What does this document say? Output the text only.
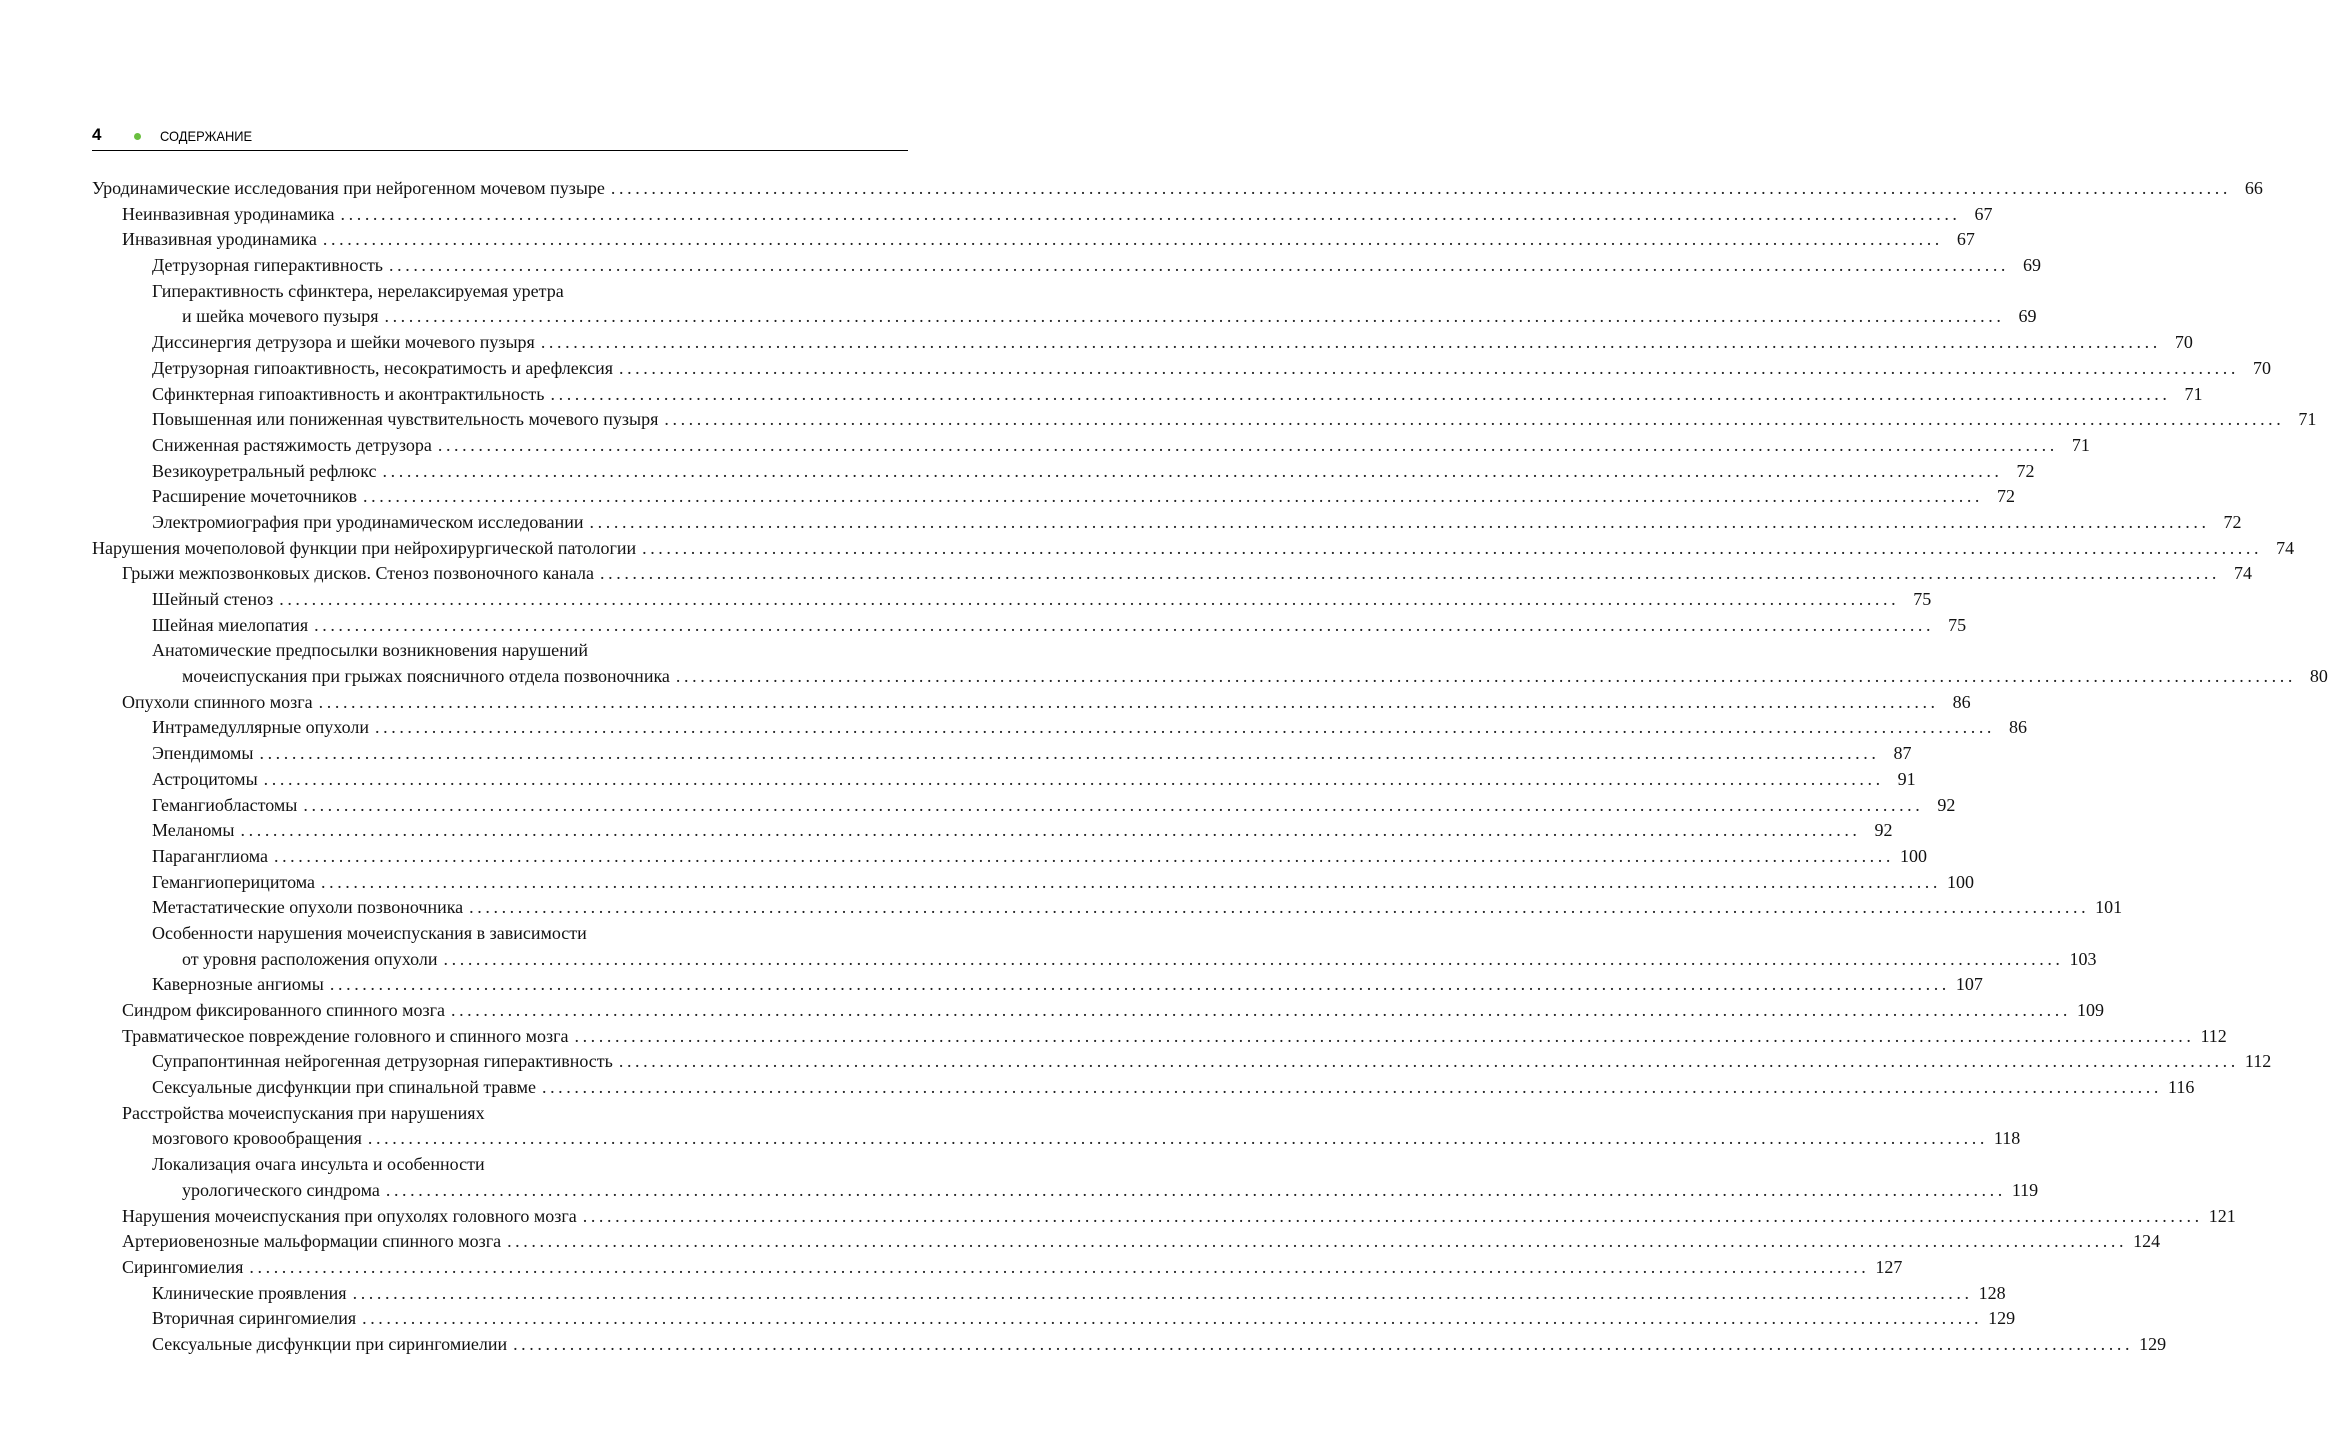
4	СОДЕРЖАНИЕ
Уродинамические исследования при нейрогенном мочевом пузыре ........................................................................................................................................................................................................ 66
Неинвазивная уродинамика ........................................................................................................................................................................................................ 67
Инвазивная уродинамика ........................................................................................................................................................................................................ 67
Детрузорная гиперактивность ........................................................................................................................................................................................................ 69
Гиперактивность сфинктера, нерелаксируемая уретра
и шейка мочевого пузыря ........................................................................................................................................................................................................ 69
Диссинергия детрузора и шейки мочевого пузыря ........................................................................................................................................................................................................ 70
Детрузорная гипоактивность, несократимость и арефлексия ........................................................................................................................................................................................................ 70
Сфинктерная гипоактивность и аконтрактильность ........................................................................................................................................................................................................ 71
Повышенная или пониженная чувствительность мочевого пузыря ........................................................................................................................................................................................................ 71
Сниженная растяжимость детрузора ........................................................................................................................................................................................................ 71
Везикоуретральный рефлюкс ........................................................................................................................................................................................................ 72
Расширение мочеточников ........................................................................................................................................................................................................ 72
Электромиография при уродинамическом исследовании ........................................................................................................................................................................................................ 72
Нарушения мочеполовой функции при нейрохирургической патологии ........................................................................................................................................................................................................ 74
Грыжи межпозвонковых дисков. Стеноз позвоночного канала ........................................................................................................................................................................................................ 74
Шейный стеноз ........................................................................................................................................................................................................ 75
Шейная миелопатия ........................................................................................................................................................................................................ 75
Анатомические предпосылки возникновения нарушений
мочеиспускания при грыжах поясничного отдела позвоночника ........................................................................................................................................................................................................ 80
Опухоли спинного мозга ........................................................................................................................................................................................................ 86
Интрамедуллярные опухоли ........................................................................................................................................................................................................ 86
Эпендимомы ........................................................................................................................................................................................................ 87
Астроцитомы ........................................................................................................................................................................................................ 91
Гемангиобластомы ........................................................................................................................................................................................................ 92
Меланомы ........................................................................................................................................................................................................ 92
Параганглиома ........................................................................................................................................................................................................ 100
Гемангиоперицитома ........................................................................................................................................................................................................ 100
Метастатические опухоли позвоночника ........................................................................................................................................................................................................ 101
Особенности нарушения мочеиспускания в зависимости
от уровня расположения опухоли ........................................................................................................................................................................................................ 103
Кавернозные ангиомы ........................................................................................................................................................................................................ 107
Синдром фиксированного спинного мозга ........................................................................................................................................................................................................ 109
Травматическое повреждение головного и спинного мозга ........................................................................................................................................................................................................ 112
Супрапонтинная нейрогенная детрузорная гиперактивность ........................................................................................................................................................................................................ 112
Сексуальные дисфункции при спинальной травме ........................................................................................................................................................................................................ 116
Расстройства мочеиспускания при нарушениях
мозгового кровообращения ........................................................................................................................................................................................................ 118
Локализация очага инсульта и особенности
урологического синдрома ........................................................................................................................................................................................................ 119
Нарушения мочеиспускания при опухолях головного мозга ........................................................................................................................................................................................................ 121
Артериовенозные мальформации спинного мозга ........................................................................................................................................................................................................ 124
Сирингомиелия ........................................................................................................................................................................................................ 127
Клинические проявления ........................................................................................................................................................................................................ 128
Вторичная сирингомиелия ........................................................................................................................................................................................................ 129
Сексуальные дисфункции при сирингомиелии ........................................................................................................................................................................................................ 129
